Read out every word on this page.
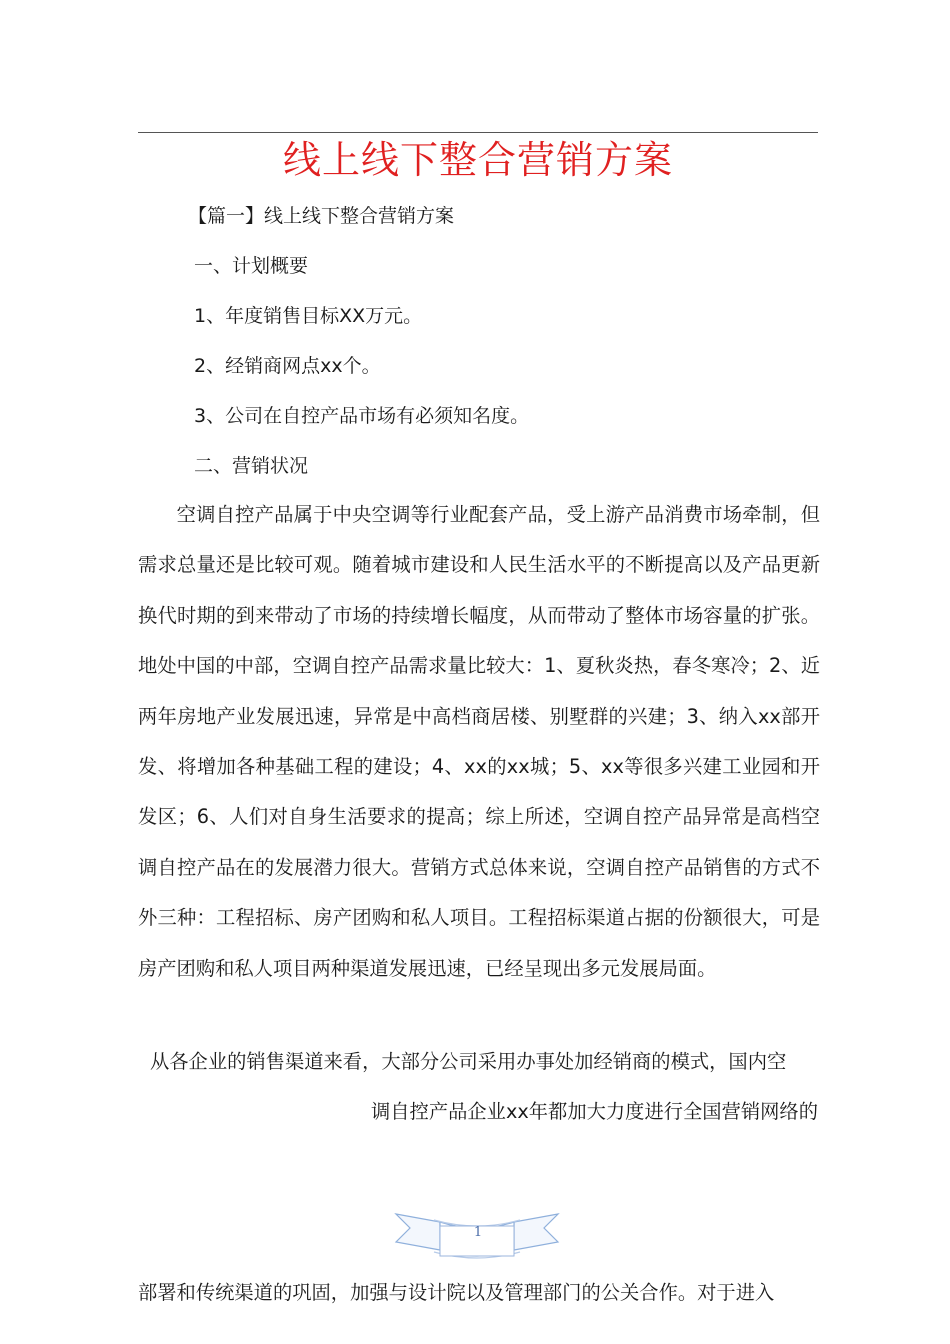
线上线下整合营销方案
【篇一】线上线下整合营销方案
一、计划概要
1、年度销售目标XX万元。
2、经销商网点xx个。
3、公司在自控产品市场有必须知名度。
二、营销状况
空调自控产品属于中央空调等行业配套产品，受上游产品消费市场牵制，但需求总量还是比较可观。随着城市建设和人民生活水平的不断提高以及产品更新换代时期的到来带动了市场的持续增长幅度，从而带动了整体市场容量的扩张。地处中国的中部，空调自控产品需求量比较大：1、夏秋炎热，春冬寒冷；2、近两年房地产业发展迅速，异常是中高档商居楼、别墅群的兴建；3、纳入xx部开发、将增加各种基础工程的建设；4、xx的xx城；5、xx等很多兴建工业园和开发区；6、人们对自身生活要求的提高；综上所述，空调自控产品异常是高档空调自控产品在的发展潜力很大。营销方式总体来说，空调自控产品销售的方式不外三种：工程招标、房产团购和私人项目。工程招标渠道占据的份额很大，可是房产团购和私人项目两种渠道发展迅速，已经呈现出多元发展局面。
从各企业的销售渠道来看，大部分公司采用办事处加经销商的模式，国内空
调自控产品企业xx年都加大力度进行全国营销网络的
1
部署和传统渠道的巩固，加强与设计院以及管理部门的公关合作。对于进入
